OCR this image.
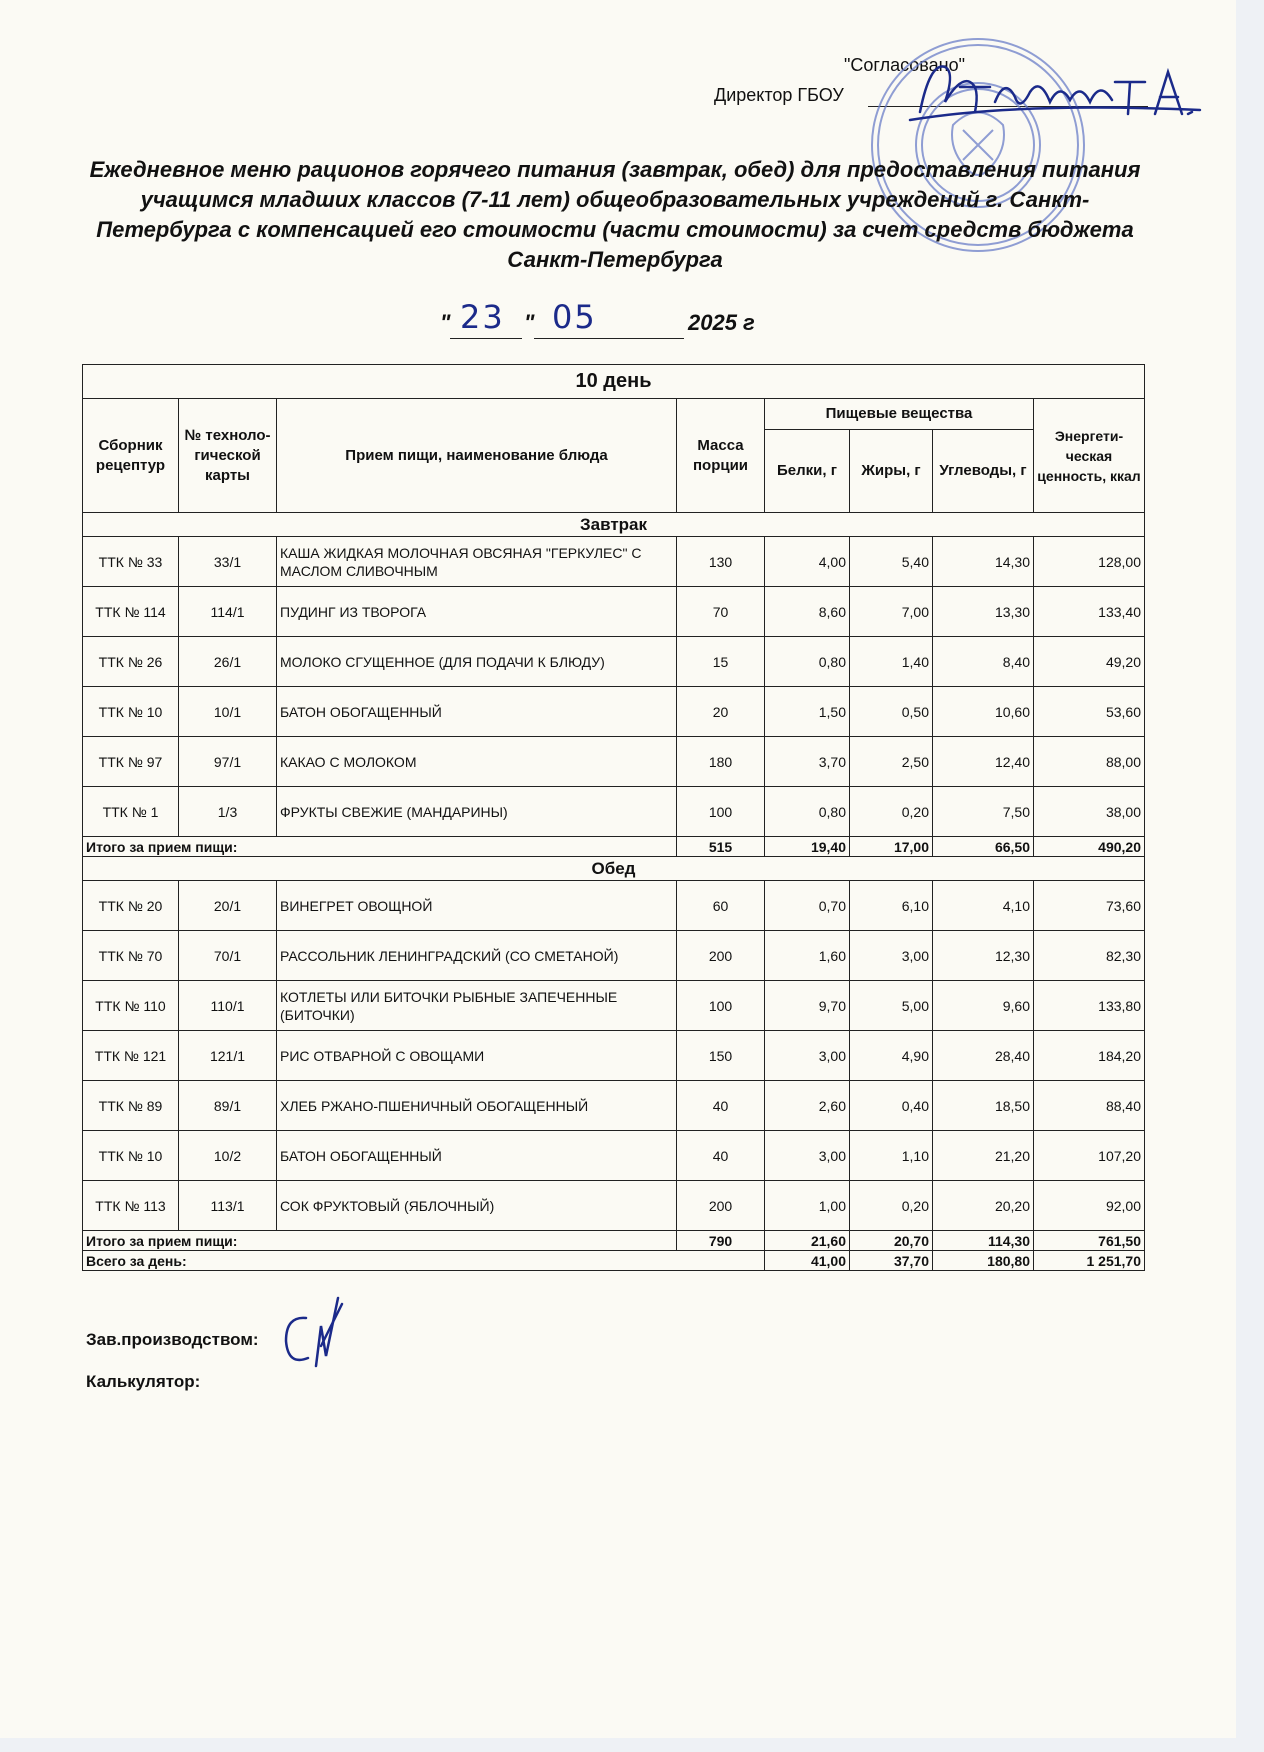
"Согласовано"
Директор ГБОУ
Ежедневное меню рационов горячего питания (завтрак, обед) для предоставления питания учащимся младших классов (7-11 лет) общеобразовательных учреждений г. Санкт-Петербурга с компенсацией его стоимости (части стоимости) за счет средств бюджета Санкт-Петербурга
" 23 " 05	2025 г
10 день							
Сборник рецептур	№ техноло-гической карты	Прием пищи, наименование блюда	Масса порции	Пищевые вещества			Энергети-ческая ценность, ккал
				Белки, г	Жиры, г	Углеводы, г	
Завтрак							
ТТК № 33	33/1	КАША ЖИДКАЯ МОЛОЧНАЯ ОВСЯНАЯ "ГЕРКУЛЕС" С МАСЛОМ СЛИВОЧНЫМ	130	4,00	5,40	14,30	128,00
ТТК № 114	114/1	ПУДИНГ ИЗ ТВОРОГА	70	8,60	7,00	13,30	133,40
ТТК № 26	26/1	МОЛОКО СГУЩЕННОЕ (ДЛЯ ПОДАЧИ К БЛЮДУ)	15	0,80	1,40	8,40	49,20
ТТК № 10	10/1	БАТОН ОБОГАЩЕННЫЙ	20	1,50	0,50	10,60	53,60
ТТК № 97	97/1	КАКАО С МОЛОКОМ	180	3,70	2,50	12,40	88,00
ТТК № 1	1/3	ФРУКТЫ СВЕЖИЕ (МАНДАРИНЫ)	100	0,80	0,20	7,50	38,00
Итого за прием пищи:			515	19,40	17,00	66,50	490,20
Обед							
ТТК № 20	20/1	ВИНЕГРЕТ ОВОЩНОЙ	60	0,70	6,10	4,10	73,60
ТТК № 70	70/1	РАССОЛЬНИК ЛЕНИНГРАДСКИЙ (СО СМЕТАНОЙ)	200	1,60	3,00	12,30	82,30
ТТК № 110	110/1	КОТЛЕТЫ ИЛИ БИТОЧКИ РЫБНЫЕ ЗАПЕЧЕННЫЕ (БИТОЧКИ)	100	9,70	5,00	9,60	133,80
ТТК № 121	121/1	РИС ОТВАРНОЙ С ОВОЩАМИ	150	3,00	4,90	28,40	184,20
ТТК № 89	89/1	ХЛЕБ РЖАНО-ПШЕНИЧНЫЙ ОБОГАЩЕННЫЙ	40	2,60	0,40	18,50	88,40
ТТК № 10	10/2	БАТОН ОБОГАЩЕННЫЙ	40	3,00	1,10	21,20	107,20
ТТК № 113	113/1	СОК ФРУКТОВЫЙ (ЯБЛОЧНЫЙ)	200	1,00	0,20	20,20	92,00
Итого за прием пищи:			790	21,60	20,70	114,30	761,50
Всего за день:				41,00	37,70	180,80	1 251,70
Зав.производством:
Калькулятор:
